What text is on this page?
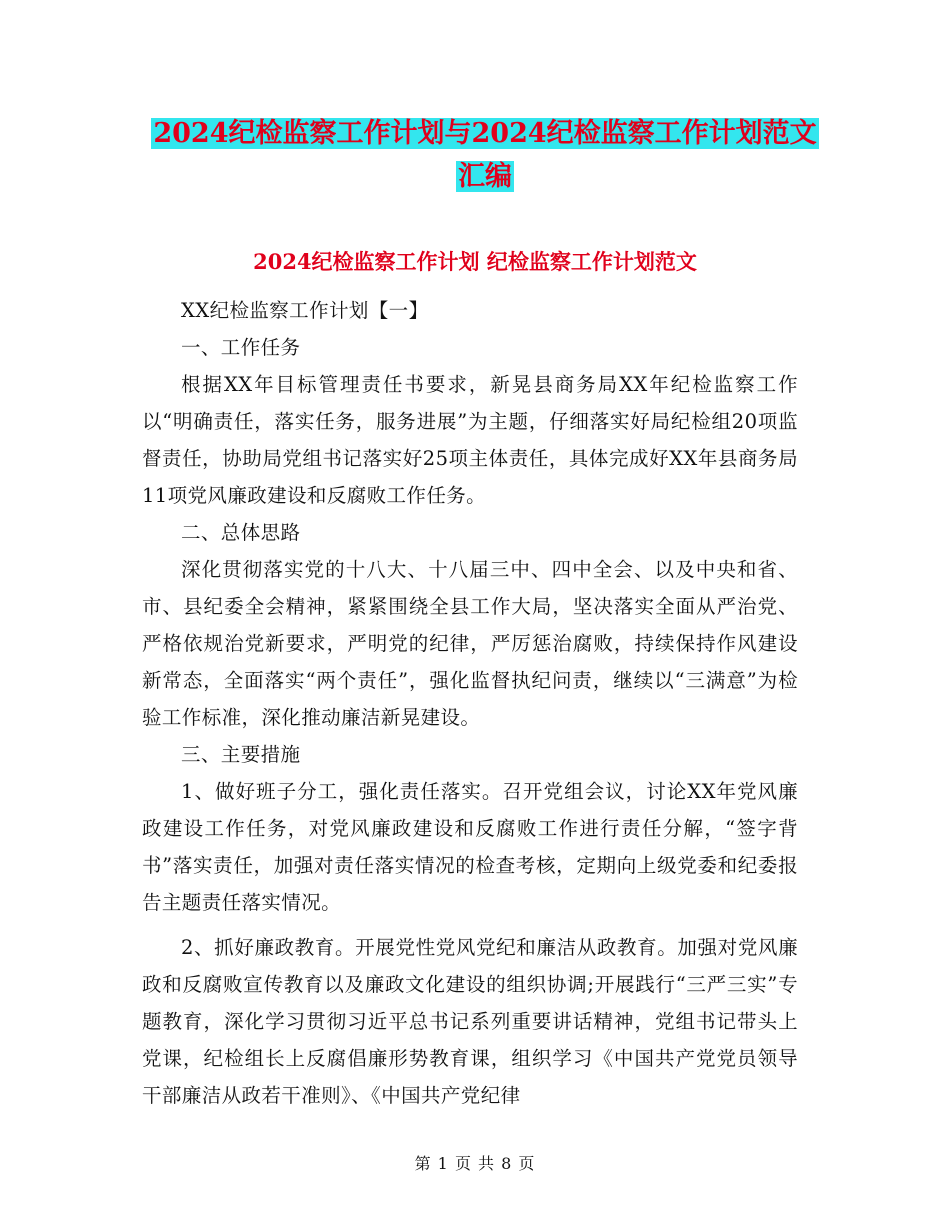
2024纪检监察工作计划与2024纪检监察工作计划范文汇编
2024纪检监察工作计划 纪检监察工作计划范文

XX纪检监察工作计划【一】

一、工作任务

根据XX年目标管理责任书要求，新晃县商务局XX年纪检监察工作以“明确责任，落实任务，服务进展”为主题，仔细落实好局纪检组20项监督责任，协助局党组书记落实好25项主体责任，具体完成好XX年县商务局11项党风廉政建设和反腐败工作任务。

二、总体思路

深化贯彻落实党的十八大、十八届三中、四中全会、以及中央和省、市、县纪委全会精神，紧紧围绕全县工作大局，坚决落实全面从严治党、严格依规治党新要求，严明党的纪律，严厉惩治腐败，持续保持作风建设新常态，全面落实“两个责任”，强化监督执纪问责，继续以“三满意”为检验工作标准，深化推动廉洁新晃建设。

三、主要措施

1、做好班子分工，强化责任落实。召开党组会议，讨论XX年党风廉政建设工作任务，对党风廉政建设和反腐败工作进行责任分解，“签字背书”落实责任，加强对责任落实情况的检查考核，定期向上级党委和纪委报告主题责任落实情况。

2、抓好廉政教育。开展党性党风党纪和廉洁从政教育。加强对党风廉政和反腐败宣传教育以及廉政文化建设的组织协调;开展践行“三严三实”专题教育，深化学习贯彻习近平总书记系列重要讲话精神，党组书记带头上党课，纪检组长上反腐倡廉形势教育课，组织学习《中国共产党党员领导干部廉洁从政若干准则》、《中国共产党纪律

第 1 页 共 8 页
